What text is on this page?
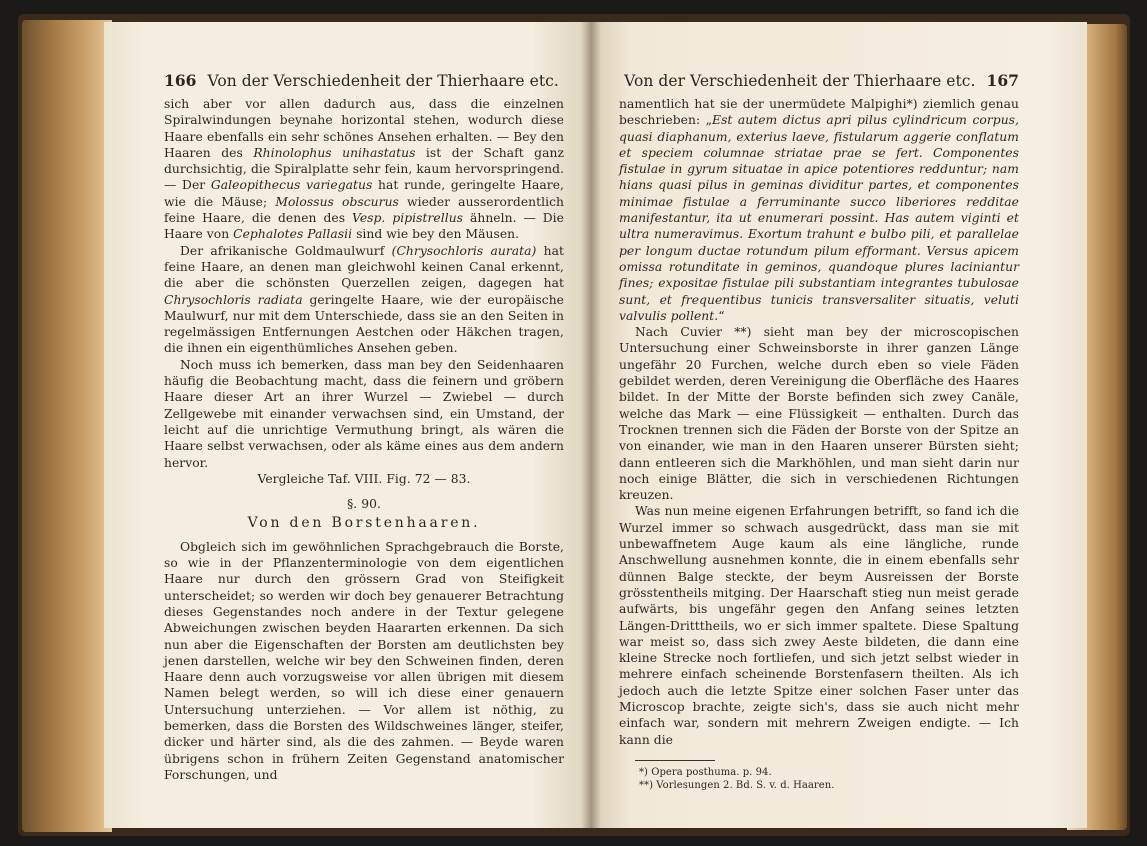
166 Von der Verschiedenheit der Thierhaare etc.

sich aber vor allen dadurch aus, dass die einzelnen Spiralwindungen beynahe horizontal stehen, wodurch diese Haare ebenfalls ein sehr schönes Ansehen erhalten. — Bey den Haaren des Rhinolophus unihastatus ist der Schaft ganz durchsichtig, die Spiralplatte sehr fein, kaum hervorspringend. — Der Galeopithecus variegatus hat runde, geringelte Haare, wie die Mäuse; Molossus obscurus wieder ausserordentlich feine Haare, die denen des Vesp. pipistrellus ähneln. — Die Haare von Cephalotes Pallasii sind wie bey den Mäusen.

Der afrikanische Goldmaulwurf (Chrysochloris aurata) hat feine Haare, an denen man gleichwohl keinen Canal erkennt, die aber die schönsten Querzellen zeigen, dagegen hat Chrysochloris radiata geringelte Haare, wie der europäische Maulwurf, nur mit dem Unterschiede, dass sie an den Seiten in regelmässigen Entfernungen Aestchen oder Häkchen tragen, die ihnen ein eigenthümliches Ansehen geben.

Noch muss ich bemerken, dass man bey den Seidenhaaren häufig die Beobachtung macht, dass die feinern und gröbern Haare dieser Art an ihrer Wurzel — Zwiebel — durch Zellgewebe mit einander verwachsen sind, ein Umstand, der leicht auf die unrichtige Vermuthung bringt, als wären die Haare selbst verwachsen, oder als käme eines aus dem andern hervor.

Vergleiche Taf. VIII. Fig. 72 — 83.

§. 90.

Von den Borstenhaaren.

Obgleich sich im gewöhnlichen Sprachgebrauch die Borste, so wie in der Pflanzenterminologie von dem eigentlichen Haare nur durch den grössern Grad von Steifigkeit unterscheidet; so werden wir doch bey genauerer Betrachtung dieses Gegenstandes noch andere in der Textur gelegene Abweichungen zwischen beyden Haararten erkennen. Da sich nun aber die Eigenschaften der Borsten am deutlichsten bey jenen darstellen, welche wir bey den Schweinen finden, deren Haare denn auch vorzugsweise vor allen übrigen mit diesem Namen belegt werden, so will ich diese einer genauern Untersuchung unterziehen. — Vor allem ist nöthig, zu bemerken, dass die Borsten des Wildschweines länger, steifer, dicker und härter sind, als die des zahmen. — Beyde waren übrigens schon in frühern Zeiten Gegenstand anatomischer Forschungen, und

Von der Verschiedenheit der Thierhaare etc. 167

namentlich hat sie der unermüdete Malpighi*) ziemlich genau beschrieben: „Est autem dictus apri pilus cylindricum corpus, quasi diaphanum, exterius laeve, fistularum aggerie conflatum et speciem columnae striatae prae se fert. Componentes fistulae in gyrum situatae in apice potentiores redduntur; nam hians quasi pilus in geminas dividitur partes, et componentes minimae fistulae a ferruminante succo liberiores redditae manifestantur, ita ut enumerari possint. Has autem viginti et ultra numeravimus. Exortum trahunt e bulbo pili, et parallelae per longum ductae rotundum pilum efformant. Versus apicem omissa rotunditate in geminos, quandoque plures laciniantur fines; expositae fistulae pili substantiam integrantes tubulosae sunt, et frequentibus tunicis transversaliter situatis, veluti valvulis pollent.“

Nach Cuvier **) sieht man bey der microscopischen Untersuchung einer Schweinsborste in ihrer ganzen Länge ungefähr 20 Furchen, welche durch eben so viele Fäden gebildet werden, deren Vereinigung die Oberfläche des Haares bildet. In der Mitte der Borste befinden sich zwey Canäle, welche das Mark — eine Flüssigkeit — enthalten. Durch das Trocknen trennen sich die Fäden der Borste von der Spitze an von einander, wie man in den Haaren unserer Bürsten sieht; dann entleeren sich die Markhöhlen, und man sieht darin nur noch einige Blätter, die sich in verschiedenen Richtungen kreuzen.

Was nun meine eigenen Erfahrungen betrifft, so fand ich die Wurzel immer so schwach ausgedrückt, dass man sie mit unbewaffnetem Auge kaum als eine längliche, runde Anschwellung ausnehmen konnte, die in einem ebenfalls sehr dünnen Balge steckte, der beym Ausreissen der Borste grösstentheils mitging. Der Haarschaft stieg nun meist gerade aufwärts, bis ungefähr gegen den Anfang seines letzten Längen-Dritttheils, wo er sich immer spaltete. Diese Spaltung war meist so, dass sich zwey Aeste bildeten, die dann eine kleine Strecke noch fortliefen, und sich jetzt selbst wieder in mehrere einfach scheinende Borstenfasern theilten. Als ich jedoch auch die letzte Spitze einer solchen Faser unter das Microscop brachte, zeigte sich's, dass sie auch nicht mehr einfach war, sondern mit mehrern Zweigen endigte. — Ich kann die

*) Opera posthuma. p. 94.

**) Vorlesungen 2. Bd. S. v. d. Haaren.
